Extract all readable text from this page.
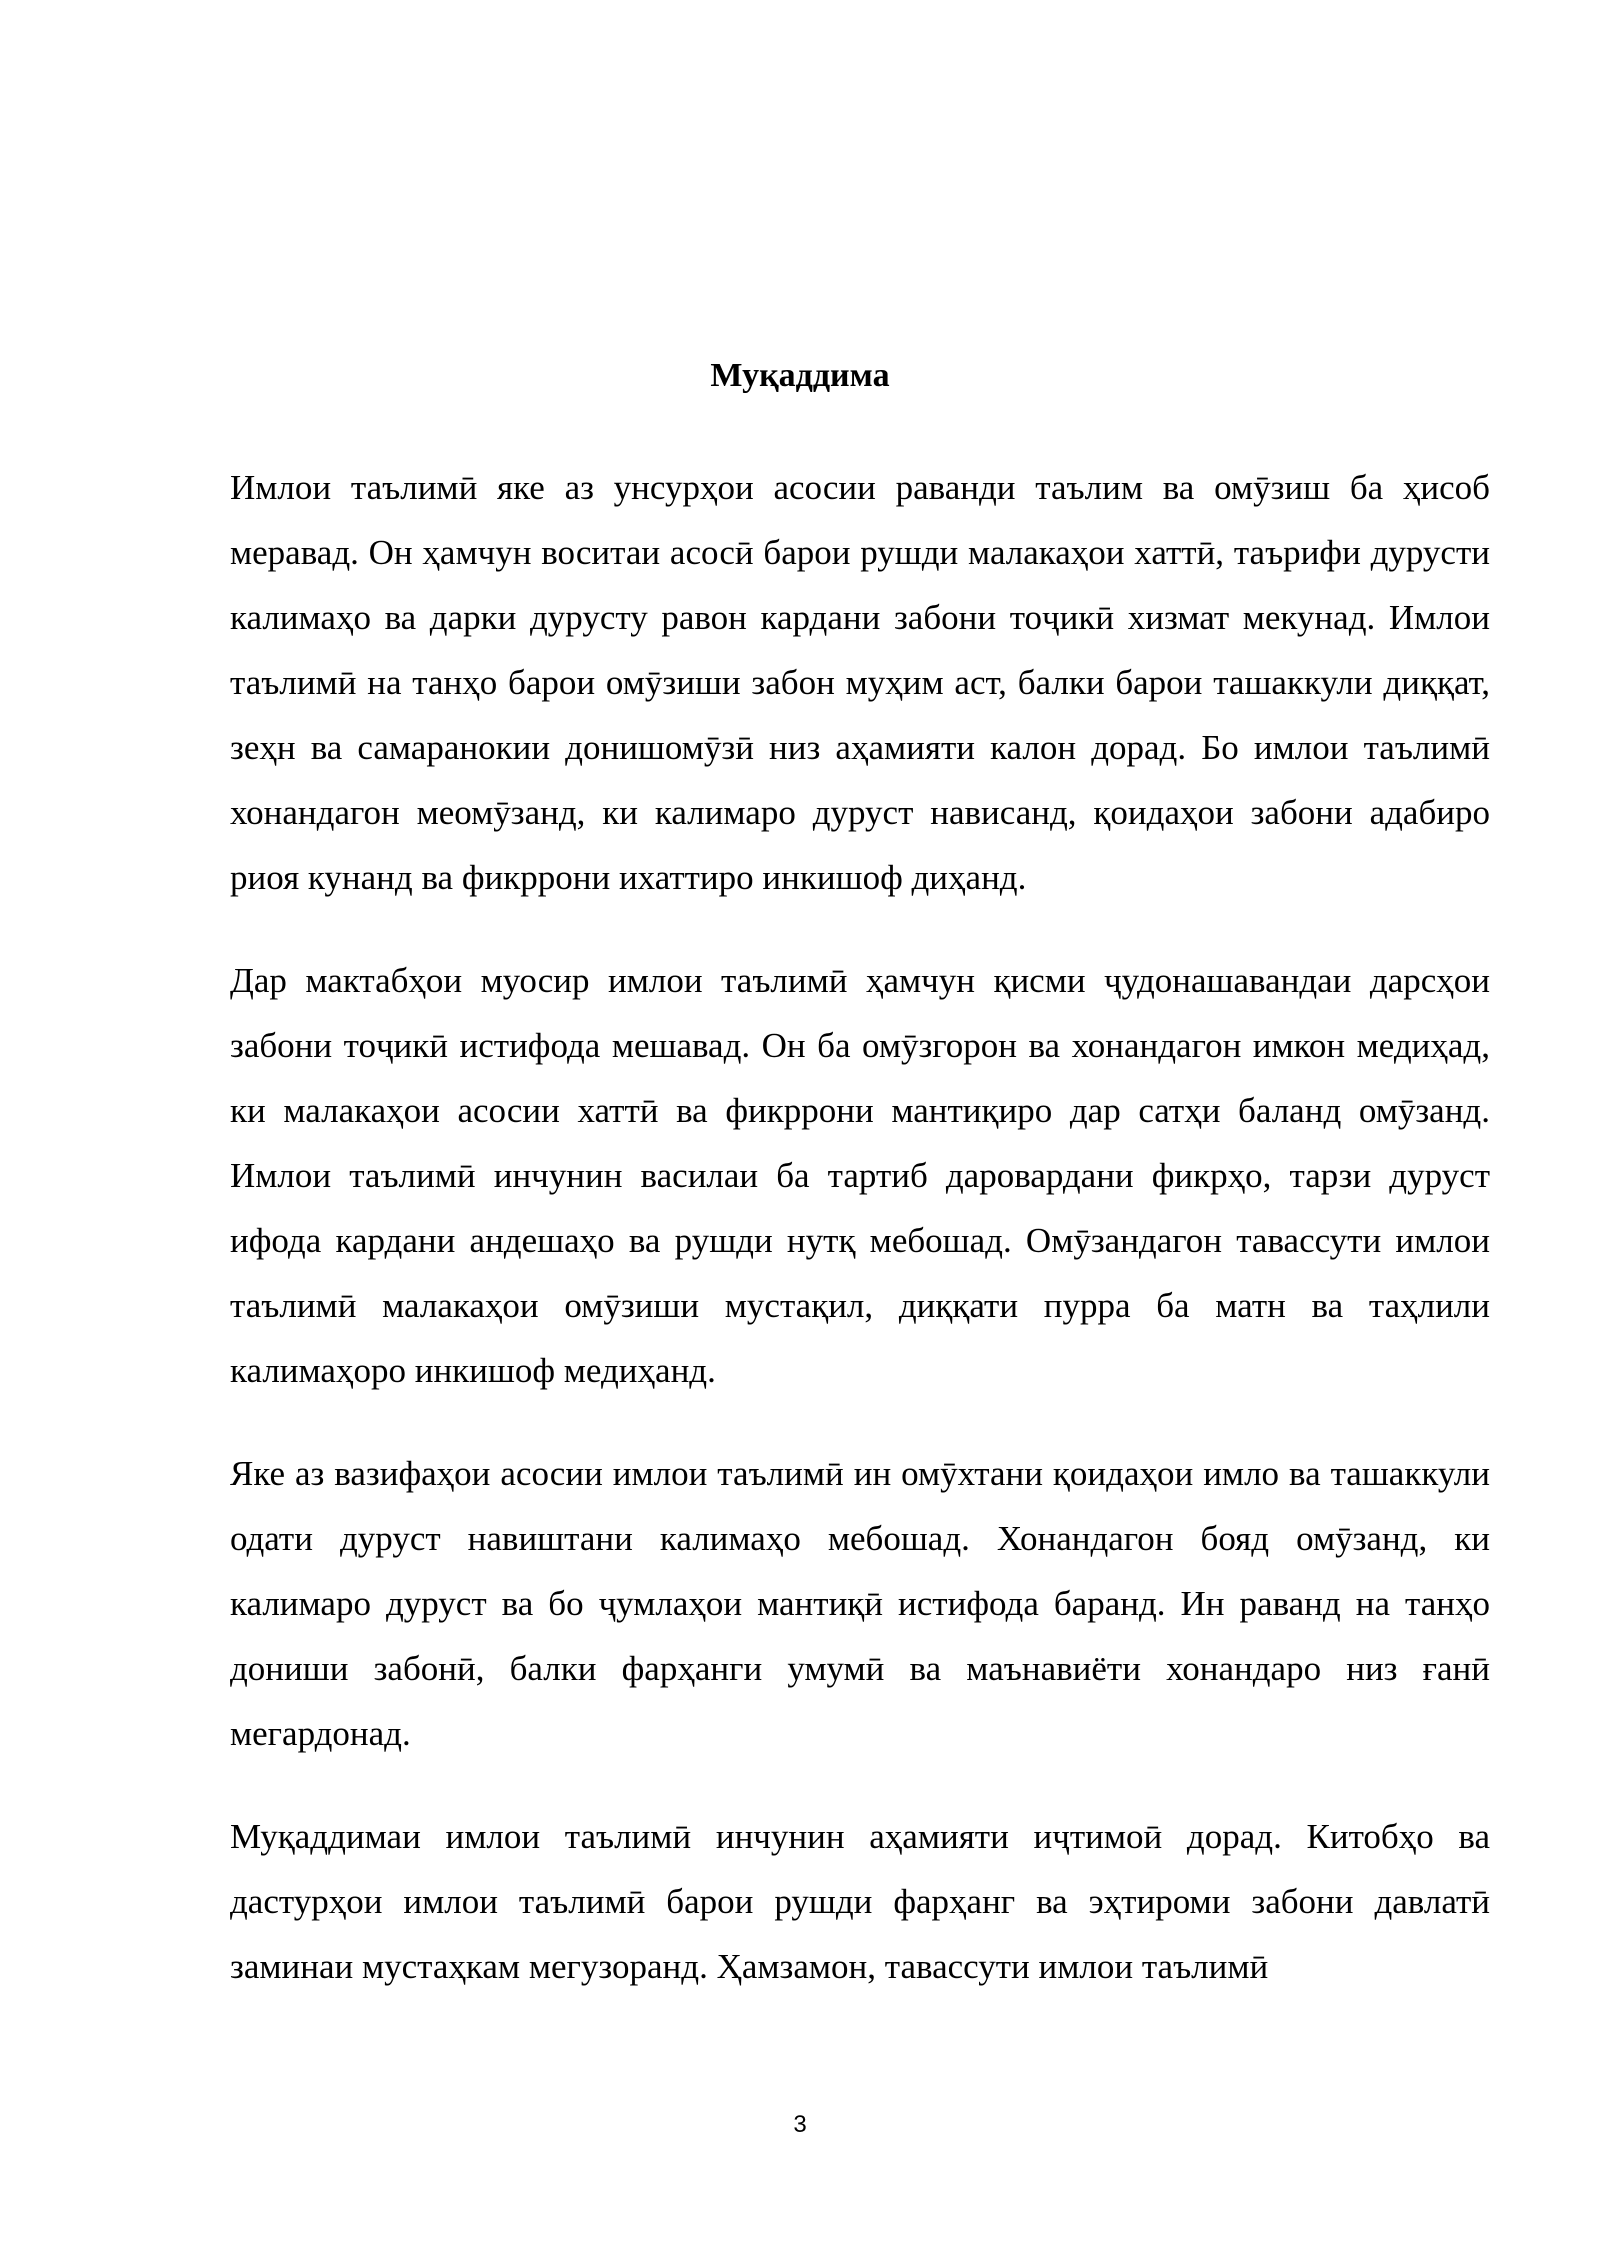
Муқаддима

Имлои таълимӣ яке аз унсурҳои асосии раванди таълим ва омӯзиш ба ҳисоб меравад. Он ҳамчун воситаи асосӣ барои рушди малакаҳои хаттӣ, таърифи дурусти калимаҳо ва дарки дурусту равон кардани забони тоҷикӣ хизмат мекунад. Имлои таълимӣ на танҳо барои омӯзиши забон муҳим аст, балки барои ташаккули диққат, зеҳн ва самаранокии донишомӯзӣ низ аҳамияти калон дорад. Бо имлои таълимӣ хонандагон меомӯзанд, ки калимаро дуруст нависанд, қоидаҳои забони адабиро риоя кунанд ва фикррони ихаттиро инкишоф диҳанд.

Дар мактабҳои муосир имлои таълимӣ ҳамчун қисми ҷудонашавандаи дарсҳои забони тоҷикӣ истифода мешавад. Он ба омӯзгорон ва хонандагон имкон медиҳад, ки малакаҳои асосии хаттӣ ва фикррони мантиқиро дар сатҳи баланд омӯзанд. Имлои таълимӣ инчунин василаи ба тартиб даровардани фикрҳо, тарзи дуруст ифода кардани андешаҳо ва рушди нутқ мебошад. Омӯзандагон тавассути имлои таълимӣ малакаҳои омӯзиши мустақил, диққати пурра ба матн ва таҳлили калимаҳоро инкишоф медиҳанд.

Яке аз вазифаҳои асосии имлои таълимӣ ин омӯхтани қоидаҳои имло ва ташаккули одати дуруст навиштани калимаҳо мебошад. Хонандагон бояд омӯзанд, ки калимаро дуруст ва бо ҷумлаҳои мантиқӣ истифода баранд. Ин раванд на танҳо дониши забонӣ, балки фарҳанги умумӣ ва маънавиёти хонандаро низ ғанӣ мегардонад.

Муқаддимаи имлои таълимӣ инчунин аҳамияти иҷтимоӣ дорад. Китобҳо ва дастурҳои имлои таълимӣ барои рушди фарҳанг ва эҳтироми забони давлатӣ заминаи мустаҳкам мегузоранд. Ҳамзамон, тавассути имлои таълимӣ

3
